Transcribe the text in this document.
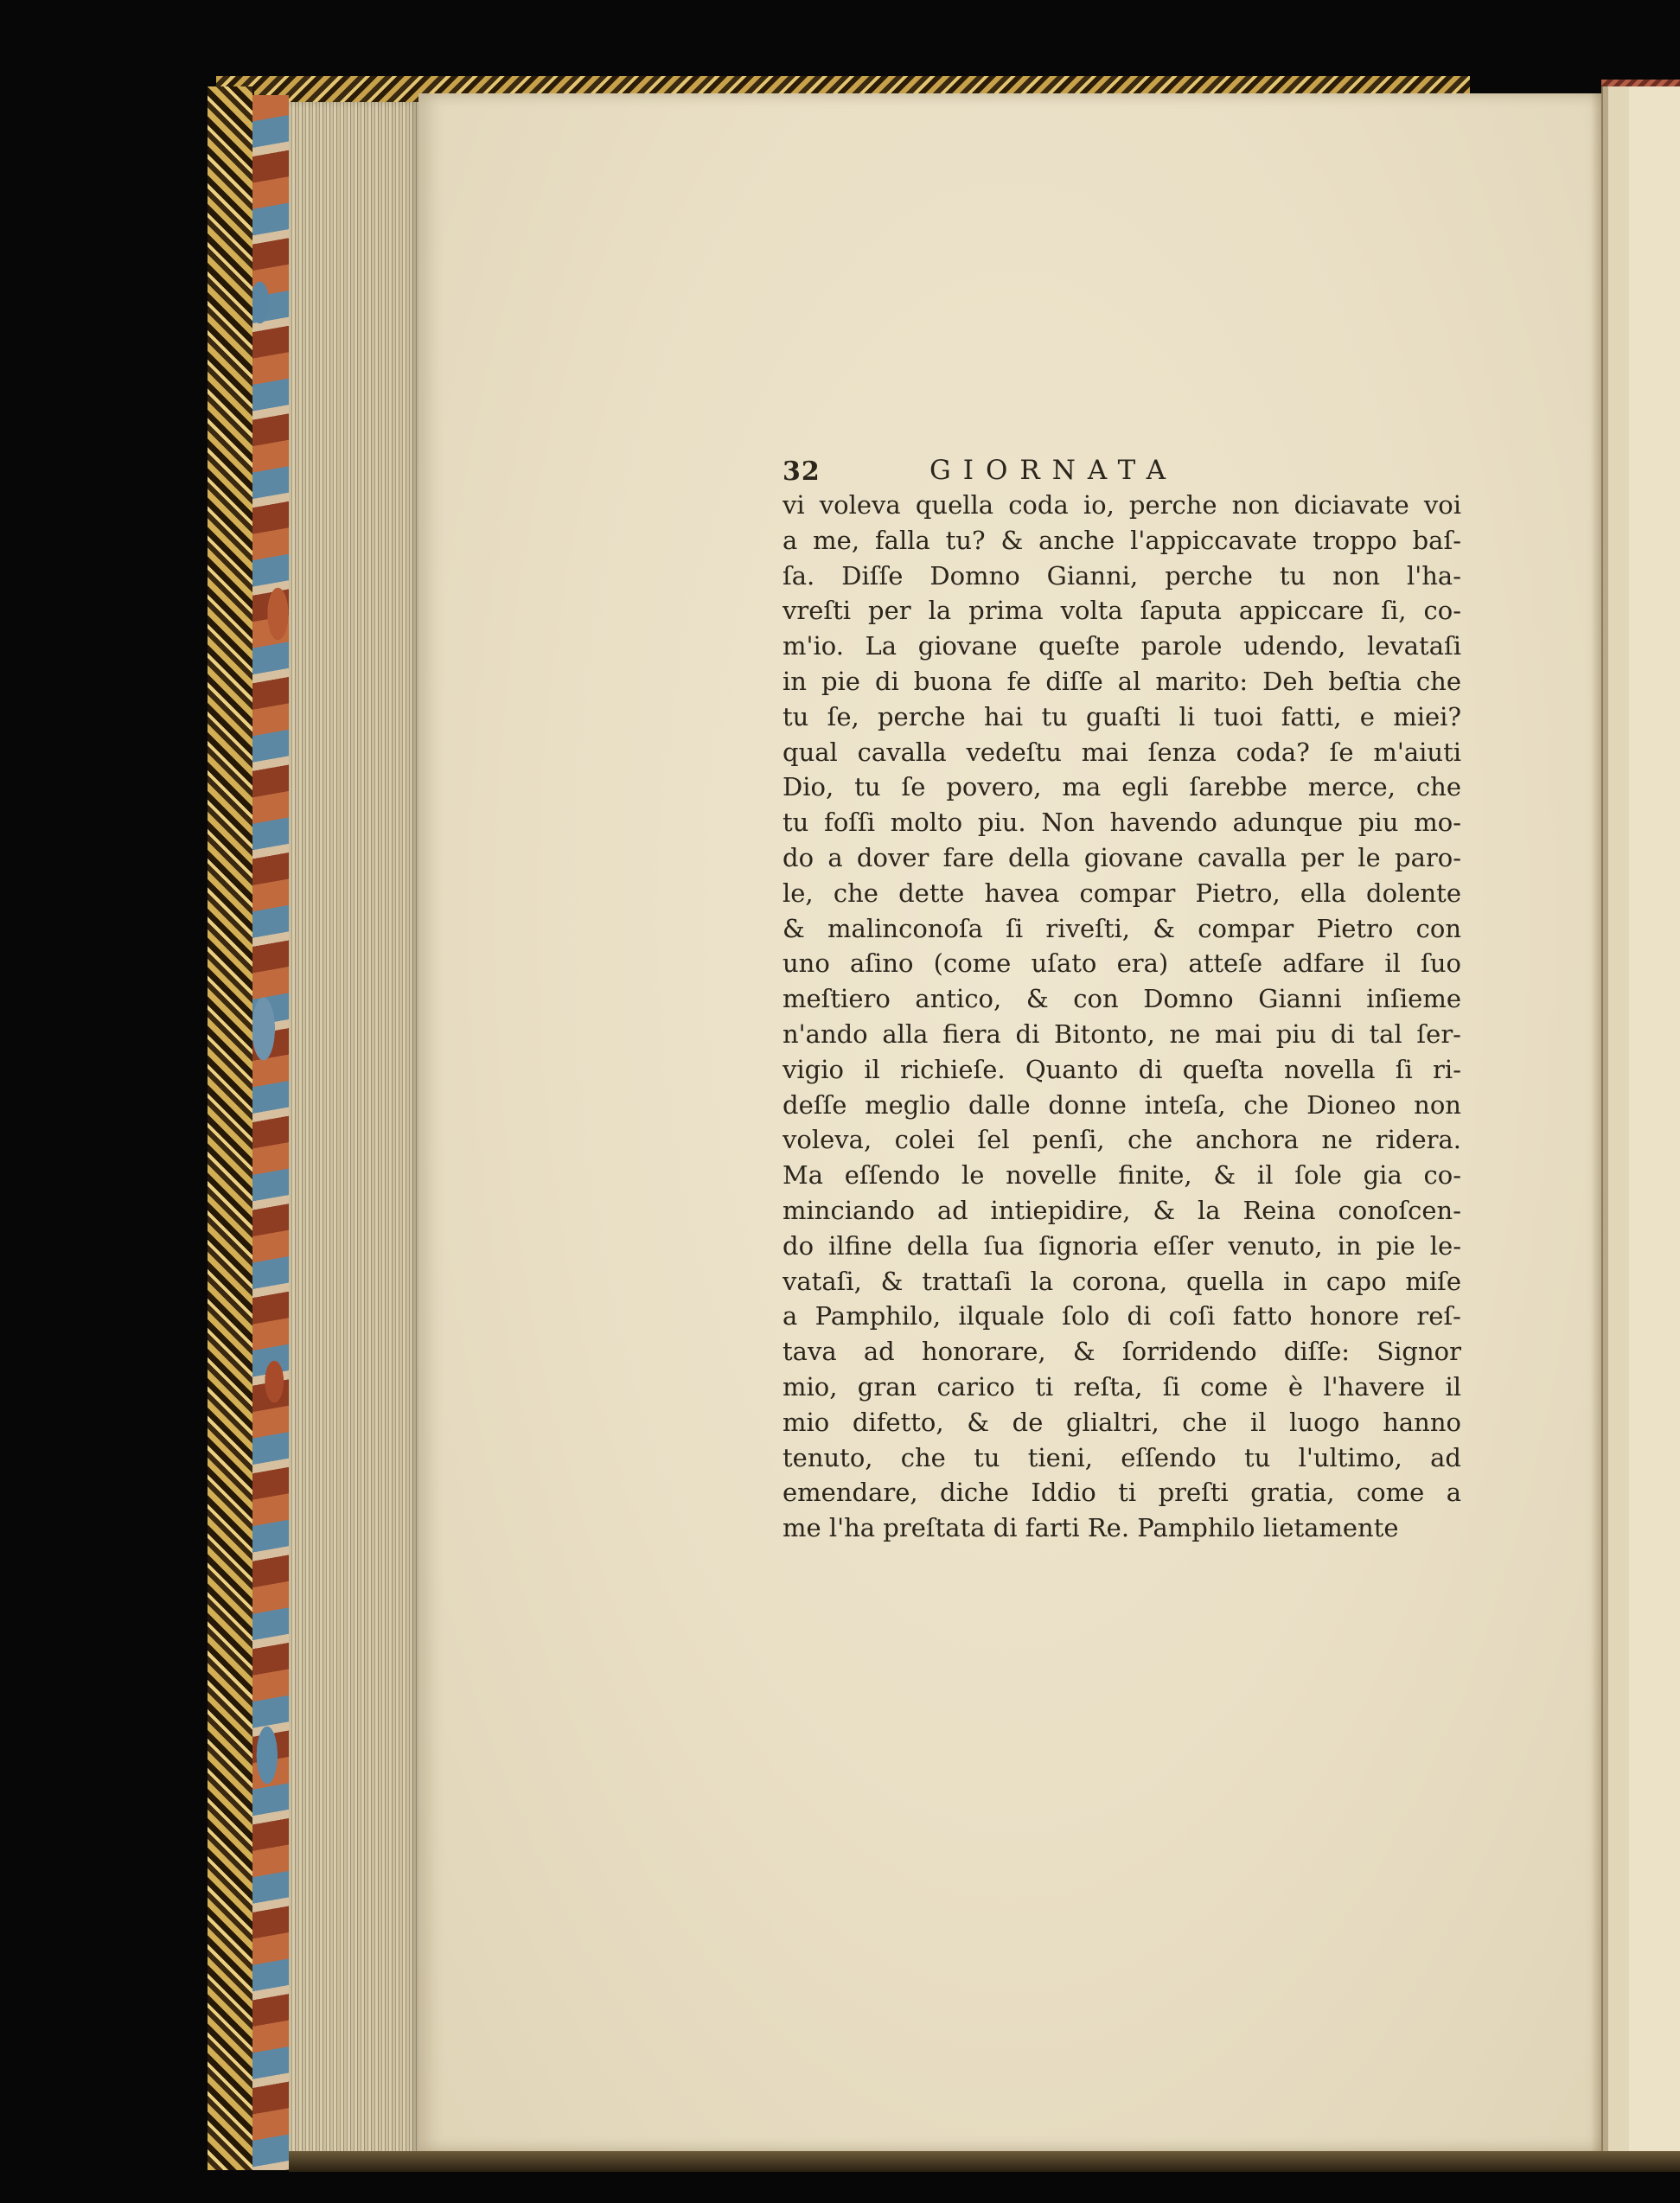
32	GIORNATA
vi voleva quella coda io, perche non diciavate voi
a me, falla tu? & anche l'appiccavate troppo baſ-
ſa. Diſſe Domno Gianni, perche tu non l'ha-
vreſti per la prima volta ſaputa appiccare ſi, co-
m'io. La giovane queſte parole udendo, levataſi
in pie di buona fe diſſe al marito: Deh beſtia che
tu ſe, perche hai tu guaſti li tuoi fatti, e miei?
qual cavalla vedeſtu mai ſenza coda? ſe m'aiuti
Dio, tu ſe povero, ma egli ſarebbe merce, che
tu foſſi molto piu. Non havendo adunque piu mo-
do a dover fare della giovane cavalla per le paro-
le, che dette havea compar Pietro, ella dolente
& malinconoſa ſi riveſti, & compar Pietro con
uno aſino (come uſato era) atteſe adfare il ſuo
meſtiero antico, & con Domno Gianni inſieme
n'ando alla fiera di Bitonto, ne mai piu di tal ſer-
vigio il richieſe. Quanto di queſta novella ſi ri-
deſſe meglio dalle donne inteſa, che Dioneo non
voleva, colei ſel penſi, che anchora ne ridera.
Ma eſſendo le novelle finite, & il ſole gia co-
minciando ad intiepidire, & la Reina conoſcen-
do ilfine della ſua ſignoria eſſer venuto, in pie le-
vataſi, & trattaſi la corona, quella in capo miſe
a Pamphilo, ilquale ſolo di coſi fatto honore reſ-
tava ad honorare, & ſorridendo diſſe: Signor
mio, gran carico ti reſta, ſi come è l'havere il
mio difetto, & de glialtri, che il luogo hanno
tenuto, che tu tieni, eſſendo tu l'ultimo, ad
emendare, diche Iddio ti preſti gratia, come a
me l'ha preſtata di farti Re. Pamphilo lietamente
